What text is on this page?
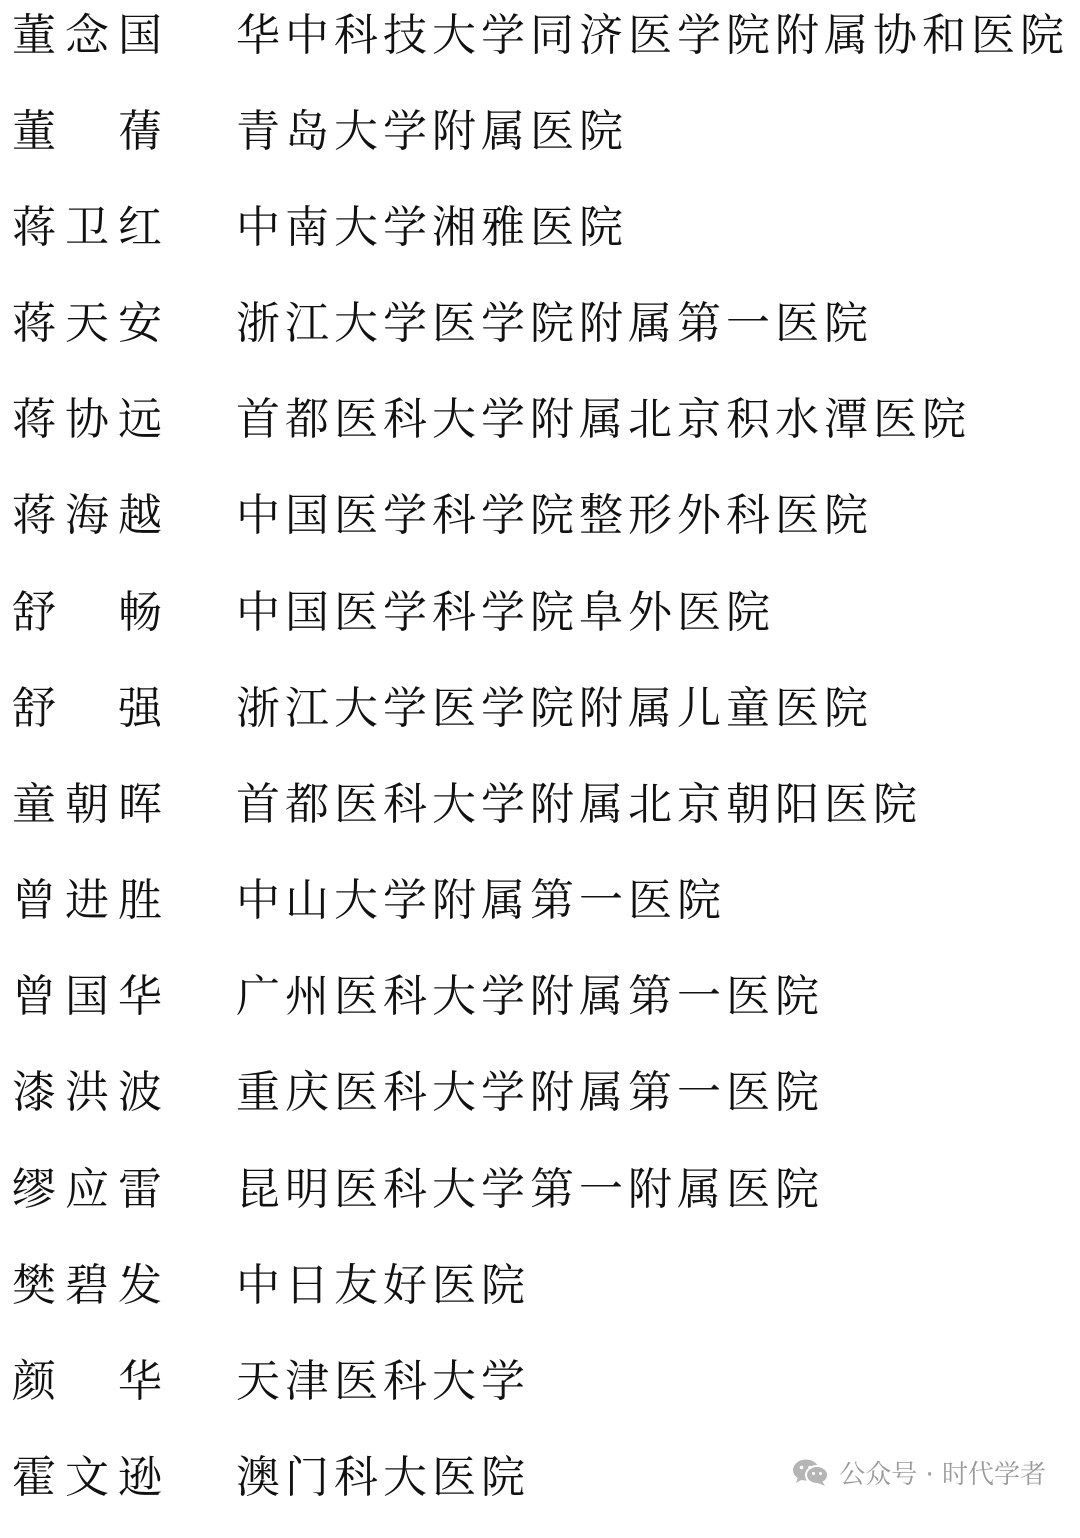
董 念 国 华中科技大学同济医学院附属协和医院
董 蒨 青岛大学附属医院
蒋 卫 红 中南大学湘雅医院
蒋 天 安 浙江大学医学院附属第一医院
蒋 协 远 首都医科大学附属北京积水潭医院
蒋 海 越 中国医学科学院整形外科医院
舒 畅 中国医学科学院阜外医院
舒 强 浙江大学医学院附属儿童医院
童 朝 晖 首都医科大学附属北京朝阳医院
曾 进 胜 中山大学附属第一医院
曾 国 华 广州医科大学附属第一医院
漆 洪 波 重庆医科大学附属第一医院
缪 应 雷 昆明医科大学第一附属医院
樊 碧 发 中日友好医院
颜 华 天津医科大学
霍 文 逊 澳门科大医院	公众号 · 时代学者
